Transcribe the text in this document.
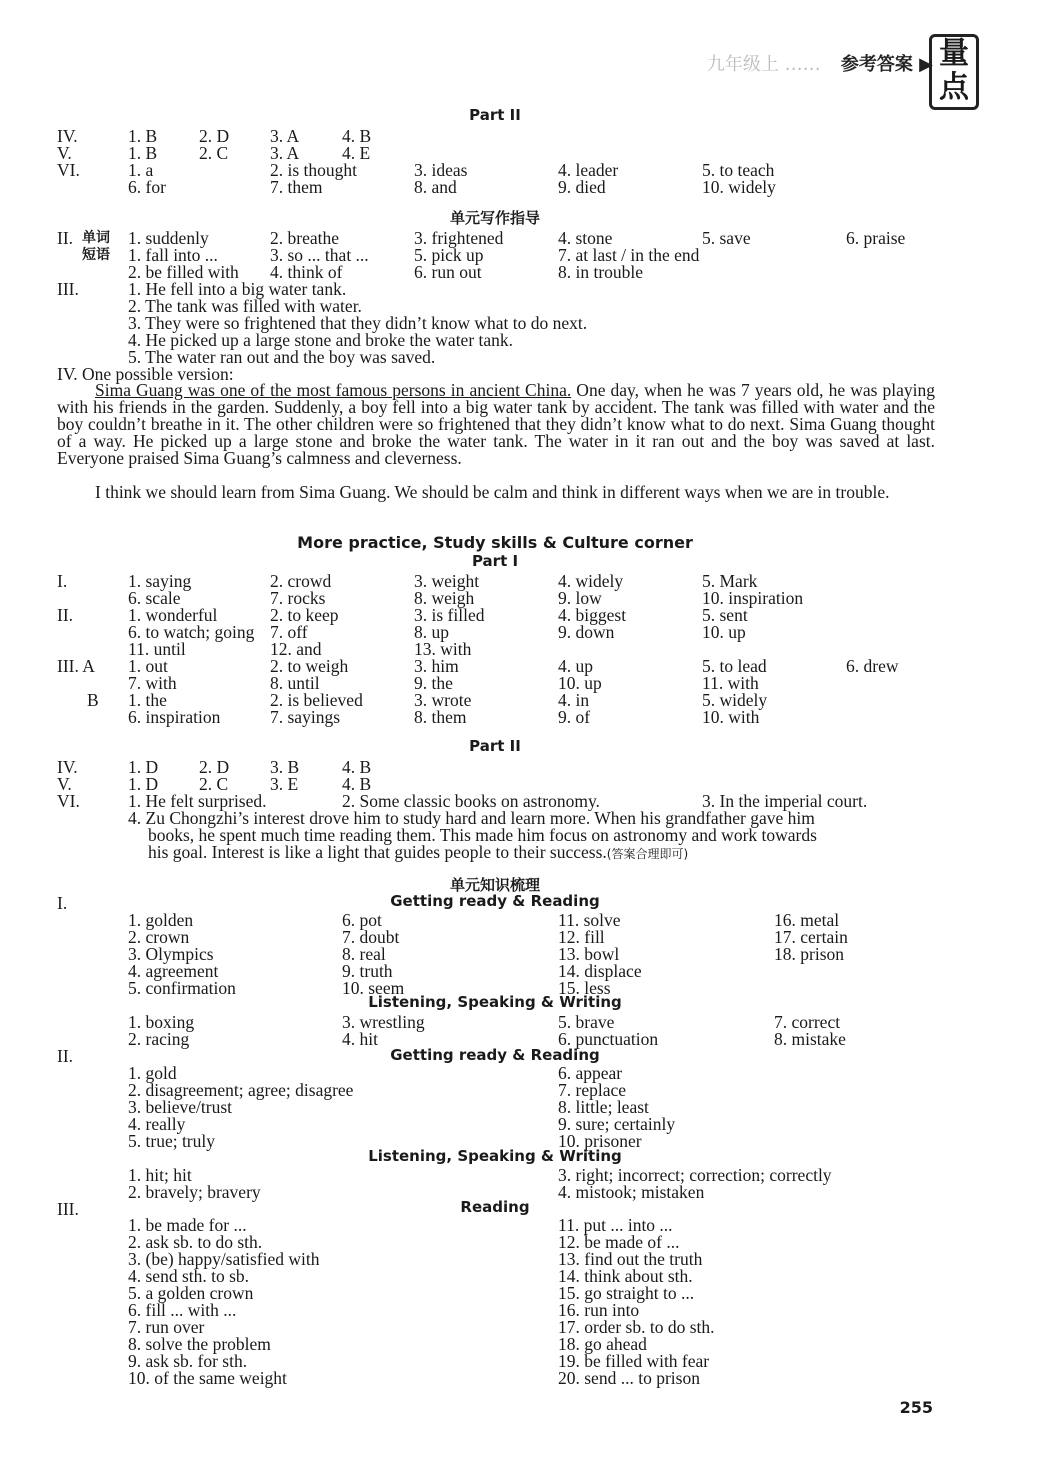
九年级上 …… 参考答案 ▶ 量点
Part II
IV.	1. B 2. D 3. A 4. B
V.	1. B 2. C 3. A 4. E
VI.	1. a	2. is thought	3. ideas	4. leader	5. to teach
6. for	7. them	8. and	9. died	10. widely
单元写作指导
II. 单词
短语
1. suddenly	2. breathe	3. frightened	4. stone	5. save	6. praise
1. fall into ...	3. so ... that ...	5. pick up	7. at last / in the end
2. be filled with 4. think of	6. run out	8. in trouble
III.	1. He fell into a big water tank.
2. The tank was filled with water.
3. They were so frightened that they didn’t know what to do next.
4. He picked up a large stone and broke the water tank.
5. The water ran out and the boy was saved.
IV. One possible version:
Sima Guang was one of the most famous persons in ancient China. One day, when he was 7 years old, he was playing with his friends in the garden. Suddenly, a boy fell into a big water tank by accident. The tank was filled with water and the boy couldn’t breathe in it. The other children were so frightened that they didn’t know what to do next. Sima Guang thought of a way. He picked up a large stone and broke the water tank. The water in it ran out and the boy was saved at last. Everyone praised Sima Guang’s calmness and cleverness.
I think we should learn from Sima Guang. We should be calm and think in different ways when we are in trouble.
More practice, Study skills & Culture corner
Part I
I.	1. saying	2. crowd	3. weight	4. widely	5. Mark
6. scale	7. rocks	8. weigh	9. low	10. inspiration
II.	1. wonderful	2. to keep	3. is filled	4. biggest	5. sent
6. to watch; going 7. off	8. up	9. down	10. up
11. until	12. and	13. with
III. A 1. out	2. to weigh	3. him	4. up	5. to lead	6. drew
7. with	8. until	9. the	10. up	11. with
B 1. the	2. is believed	3. wrote	4. in	5. widely
6. inspiration	7. sayings	8. them	9. of	10. with
Part II
IV.	1. D 2. D 3. B 4. B
V.	1. D 2. C 3. E	4. B
VI.	1. He felt surprised.	2. Some classic books on astronomy.	3. In the imperial court.
4. Zu Chongzhi’s interest drove him to study hard and learn more. When his grandfather gave him
books, he spent much time reading them. This made him focus on astronomy and work towards
his goal. Interest is like a light that guides people to their success.(答案合理即可)
单元知识梳理
I.	Getting ready & Reading
1. golden
2. crown
3. Olympics
4. agreement
5. confirmation
6. pot
7. doubt
8. real
9. truth
10. seem
11. solve
12. fill
13. bowl
14. displace
15. less
16. metal
17. certain
18. prison
Listening, Speaking & Writing
1. boxing	3. wrestling	5. brave	7. correct
2. racing	4. hit	6. punctuation	8. mistake
II.	Getting ready & Reading
1. gold
2. disagreement; agree; disagree
3. believe/trust
4. really
5. true; truly
6. appear
7. replace
8. little; least
9. sure; certainly
10. prisoner
Listening, Speaking & Writing
1. hit; hit
2. bravely; bravery
3. right; incorrect; correction; correctly
4. mistook; mistaken
III.	Reading
1. be made for ...
2. ask sb. to do sth.
3. (be) happy/satisfied with
4. send sth. to sb.
5. a golden crown
6. fill ... with ...
7. run over
8. solve the problem
9. ask sb. for sth.
10. of the same weight
11. put ... into ...
12. be made of ...
13. find out the truth
14. think about sth.
15. go straight to ...
16. run into
17. order sb. to do sth.
18. go ahead
19. be filled with fear
20. send ... to prison
255
